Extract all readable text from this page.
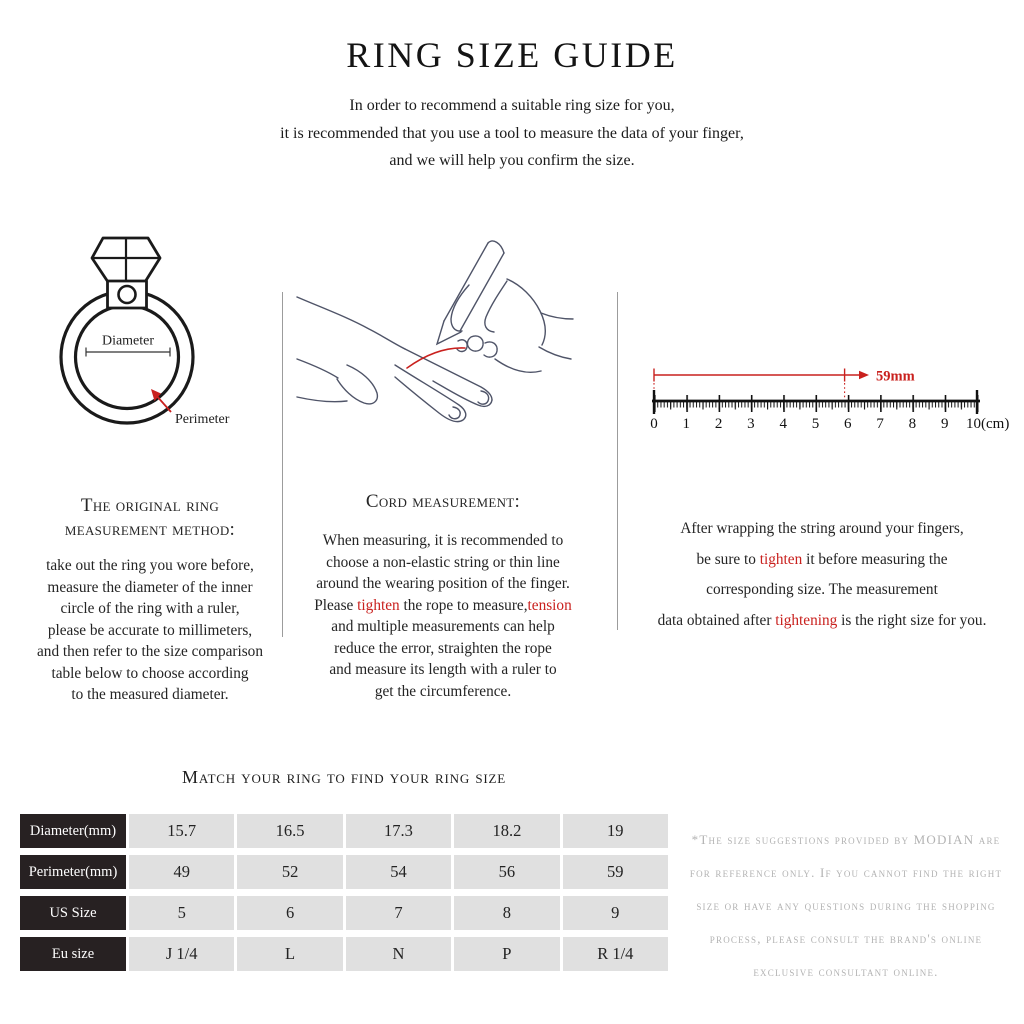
RING SIZE GUIDE
In order to recommend a suitable ring size for you,
it is recommended that you use a tool to measure the data of your finger,
and we will help you confirm the size.
Diameter
Perimeter
59mm
0 1 2 3 4 5 6 7 8 9 10(cm)
The original ring
measurement method:
take out the ring you wore before,
measure the diameter of the inner
circle of the ring with a ruler,
please be accurate to millimeters,
and then refer to the size comparison
table below to choose according
to the measured diameter.
Cord measurement:
When measuring, it is recommended to
choose a non-elastic string or thin line
around the wearing position of the finger.
Please tighten the rope to measure,tension
and multiple measurements can help
reduce the error, straighten the rope
and measure its length with a ruler to
get the circumference.
After wrapping the string around your fingers,
be sure to tighten it before measuring the
corresponding size. The measurement
data obtained after tightening is the right size for you.
Match your ring to find your ring size
Diameter(mm)	15.7	16.5	17.3	18.2	19
Perimeter(mm)	49	52	54	56	59
US Size	5	6	7	8	9
Eu size	J 1/4	L	N	P	R 1/4
*The size suggestions provided by MODIAN are
for reference only. If you cannot find the right
size or have any questions during the shopping
process, please consult the brand's online
exclusive consultant online.
